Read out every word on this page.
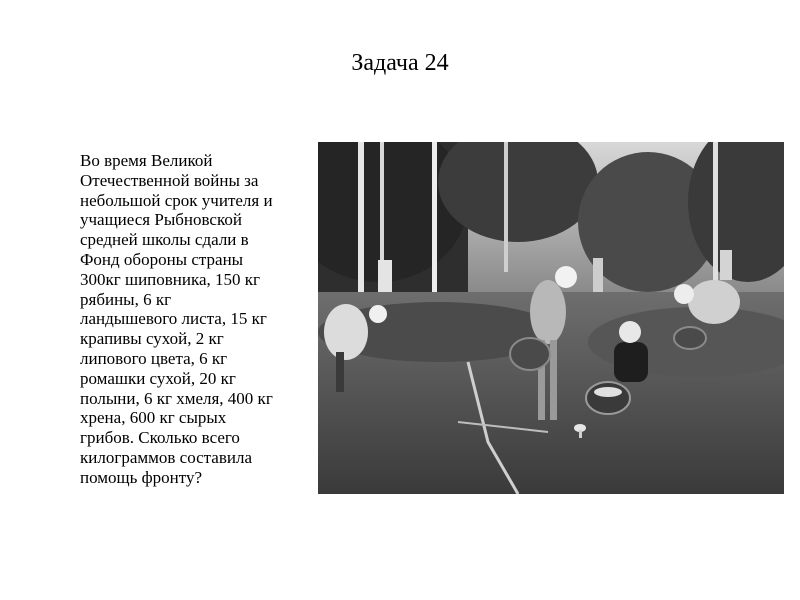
Задача 24
Во время Великой
Отечественной войны за
небольшой срок учителя и
учащиеся Рыбновской
средней школы сдали в
Фонд обороны страны
300кг шиповника, 150 кг
рябины, 6 кг
ландышевого листа, 15 кг
крапивы сухой, 2 кг
липового цвета, 6 кг
ромашки сухой, 20 кг
полыни, 6 кг хмеля, 400 кг
хрена, 600 кг сырых
грибов. Сколько всего
килограммов составила
помощь фронту?
